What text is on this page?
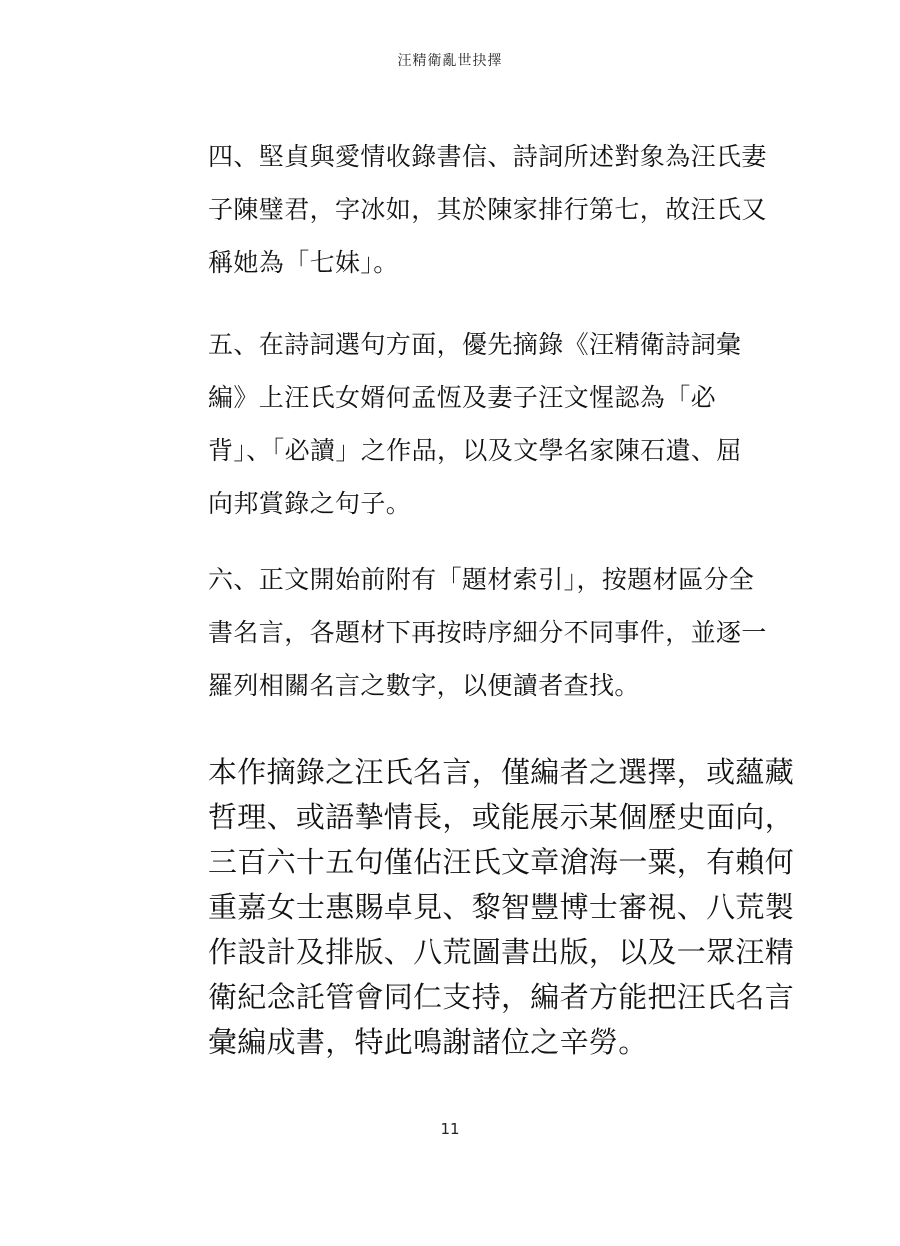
汪精衛亂世抉擇
四、堅貞與愛情收錄書信、詩詞所述對象為汪氏妻
子陳璧君，字冰如，其於陳家排行第七，故汪氏又
稱她為「七妹」。
五、在詩詞選句方面，優先摘錄《汪精衛詩詞彙
編》上汪氏女婿何孟恆及妻子汪文惺認為「必
背」、「必讀」之作品，以及文學名家陳石遺、屈
向邦賞錄之句子。
六、正文開始前附有「題材索引」，按題材區分全
書名言，各題材下再按時序細分不同事件，並逐一
羅列相關名言之數字，以便讀者查找。
本作摘錄之汪氏名言，僅編者之選擇，或蘊藏
哲理、或語摯情長，或能展示某個歷史面向，
三百六十五句僅佔汪氏文章滄海一粟，有賴何
重嘉女士惠賜卓見、黎智豐博士審視、八荒製
作設計及排版、八荒圖書出版，以及一眾汪精
衛紀念託管會同仁支持，編者方能把汪氏名言
彙編成書，特此鳴謝諸位之辛勞。
11
